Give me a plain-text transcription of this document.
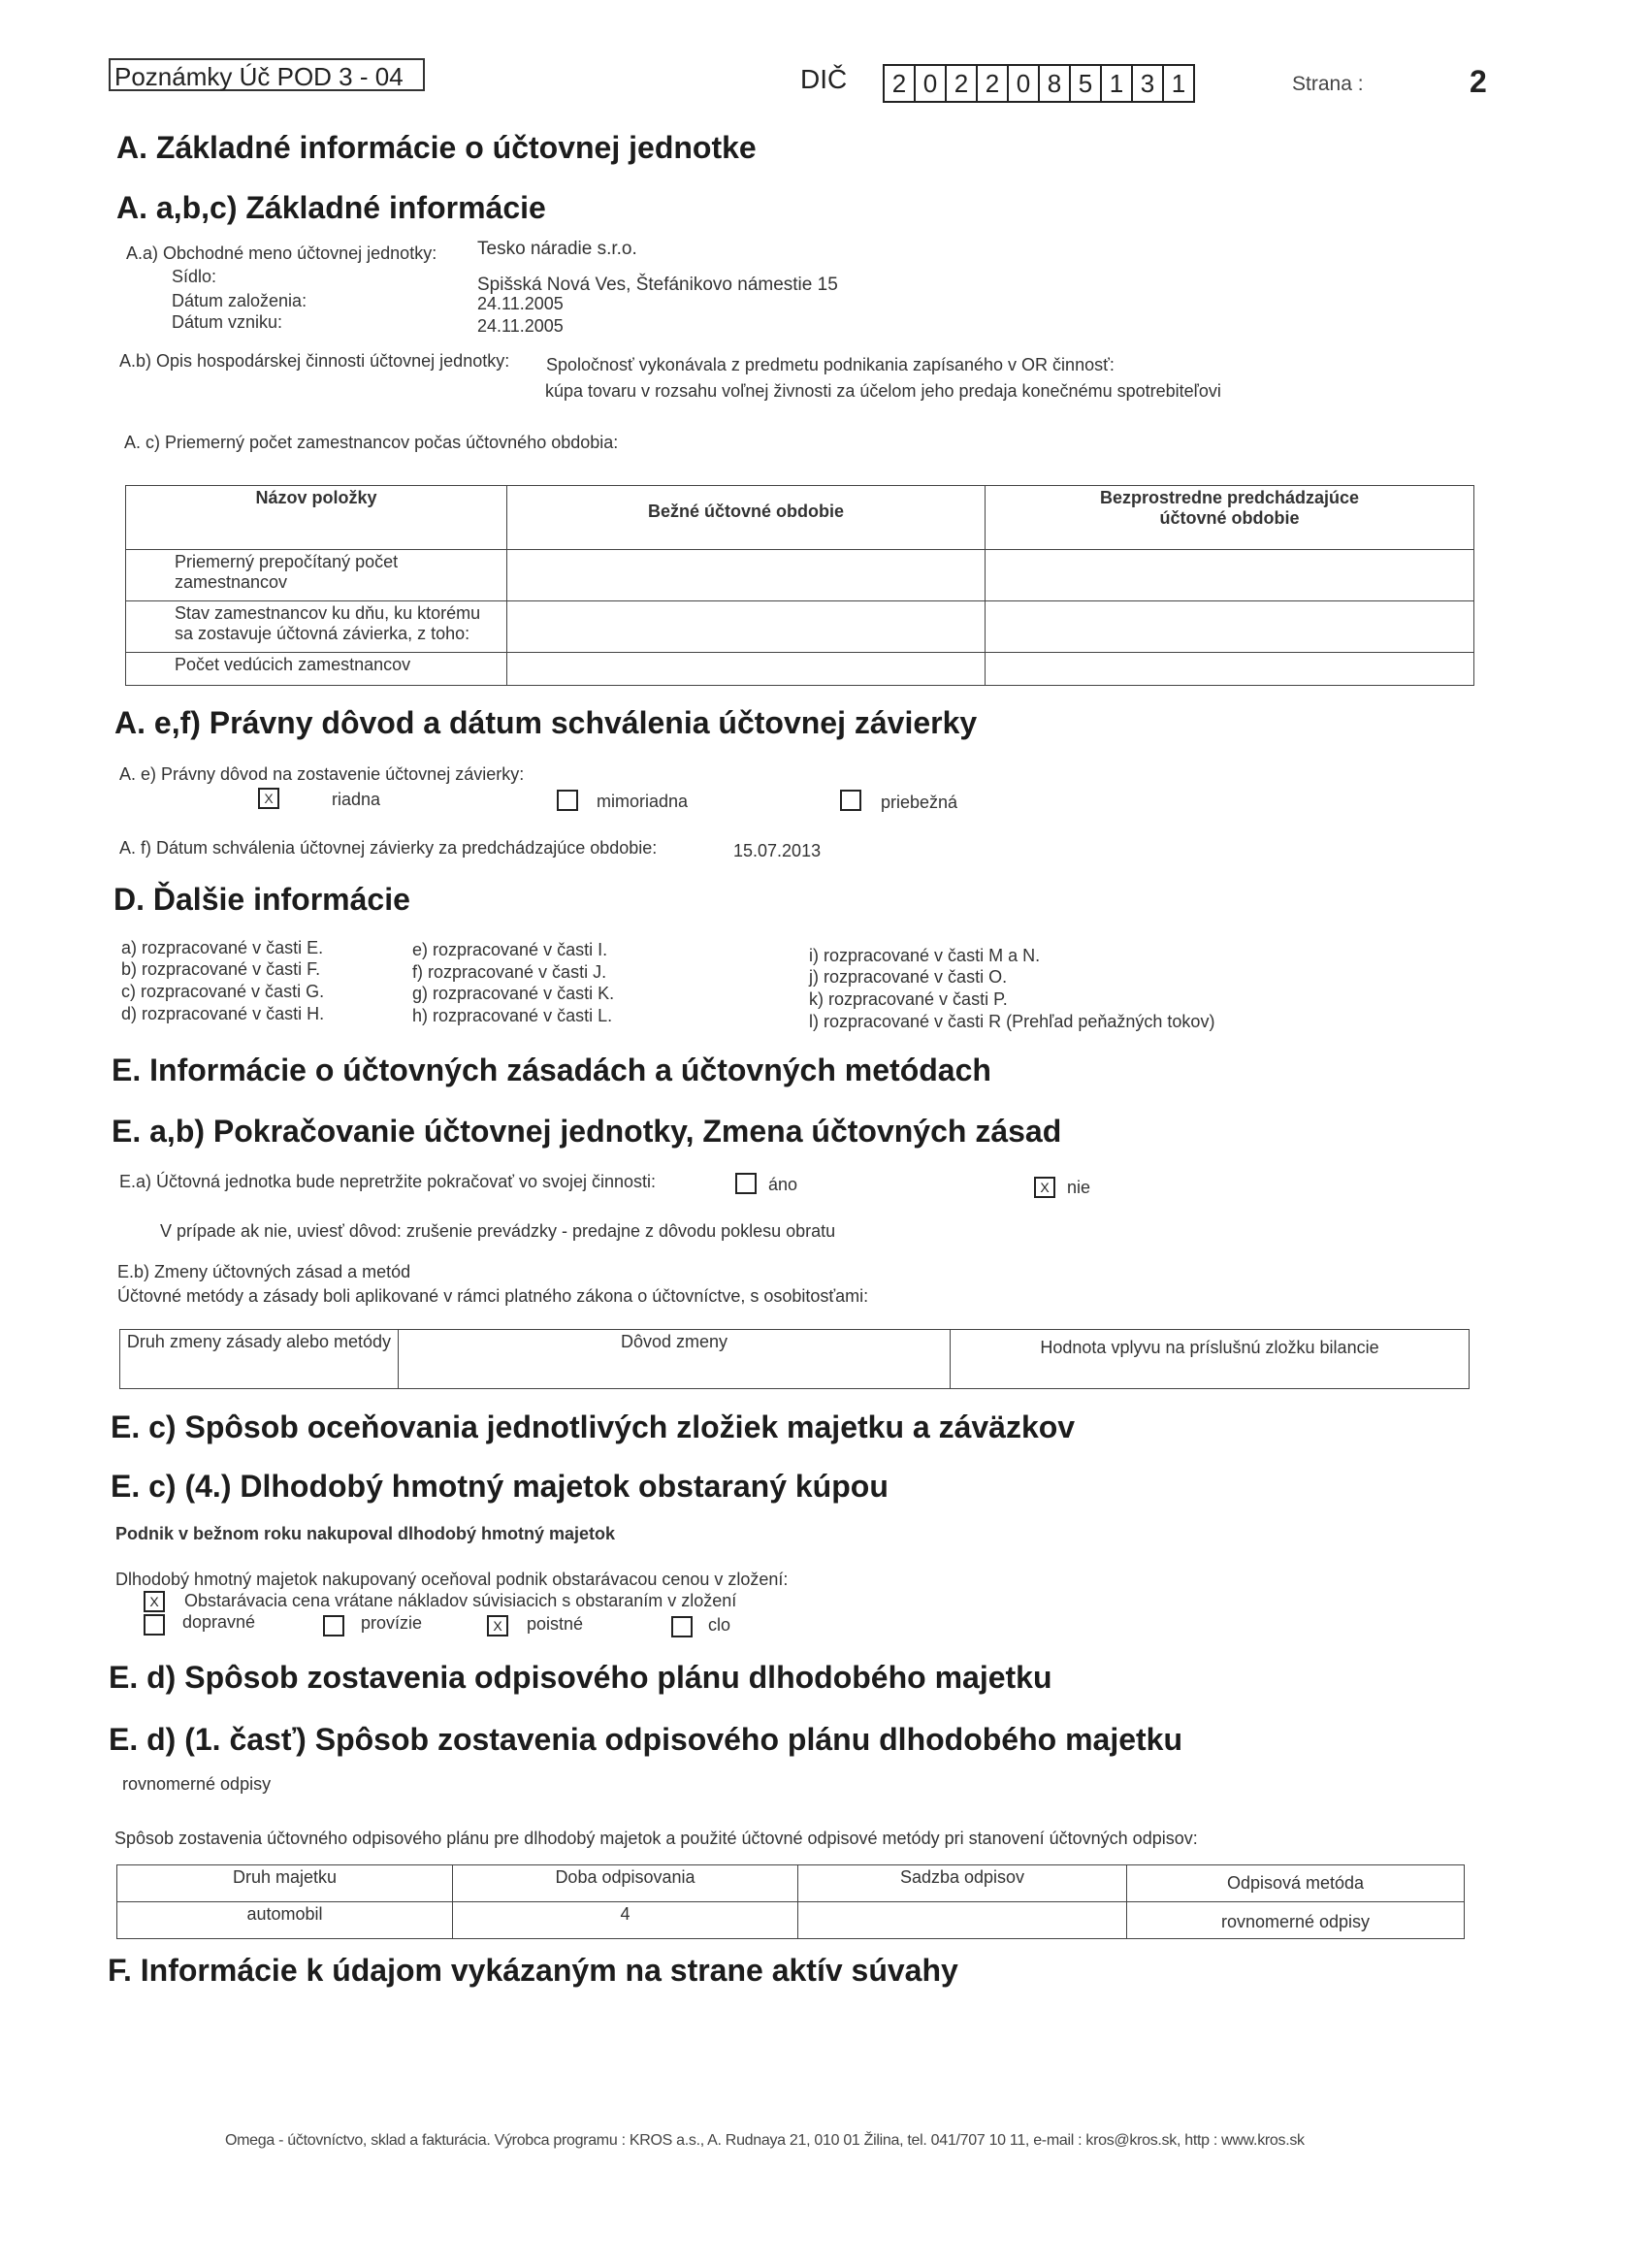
Poznámky Úč POD 3 - 04	DIČ 2 0 2 2 0 8 5 1 3 1	Strana :	2
A. Základné informácie o účtovnej jednotke
A. a,b,c) Základné informácie
A.a) Obchodné meno účtovnej jednotky: Tesko náradie s.r.o.
Sídlo:	Spišská Nová Ves, Štefánikovo námestie 15
Dátum založenia:	24.11.2005
Dátum vzniku:	24.11.2005
A.b) Opis hospodárskej činnosti účtovnej jednotky: Spoločnosť vykonávala z predmetu podnikania zapísaného v OR činnosť:
kúpa tovaru v rozsahu voľnej živnosti za účelom jeho predaja konečnému spotrebiteľovi
A. c) Priemerný počet zamestnancov počas účtovného obdobia:
Názov položky	Bežné účtovné obdobie	Bezprostredne predchádzajúce účtovné obdobie
Priemerný prepočítaný počet zamestnancov		
Stav zamestnancov ku dňu, ku ktorému sa zostavuje účtovná závierka, z toho:		
Počet vedúcich zamestnancov		
A. e,f) Právny dôvod a dátum schválenia účtovnej závierky
A. e) Právny dôvod na zostavenie účtovnej závierky:
X	riadna	mimoriadna	priebežná
A. f) Dátum schválenia účtovnej závierky za predchádzajúce obdobie:	15.07.2013
D. Ďalšie informácie
a) rozpracované v časti E.
b) rozpracované v časti F.
c) rozpracované v časti G.
d) rozpracované v časti H.
e) rozpracované v časti I.
f) rozpracované v časti J.
g) rozpracované v časti K.
h) rozpracované v časti L.
i) rozpracované v časti M a N.
j) rozpracované v časti O.
k) rozpracované v časti P.
l) rozpracované v časti R (Prehľad peňažných tokov)
E. Informácie o účtovných zásadách a účtovných metódach
E. a,b) Pokračovanie účtovnej jednotky, Zmena účtovných zásad
E.a) Účtovná jednotka bude nepretržite pokračovať vo svojej činnosti:	áno	X	nie
V prípade ak nie, uviesť dôvod: zrušenie prevádzky - predajne z dôvodu poklesu obratu
E.b) Zmeny účtovných zásad a metód
Účtovné metódy a zásady boli aplikované v rámci platného zákona o účtovníctve, s osobitosťami:
Druh zmeny zásady alebo metódy	Dôvod zmeny	Hodnota vplyvu na príslušnú zložku bilancie
E. c) Spôsob oceňovania jednotlivých zložiek majetku a záväzkov
E. c) (4.) Dlhodobý hmotný majetok obstaraný kúpou
Podnik v bežnom roku nakupoval dlhodobý hmotný majetok
Dlhodobý hmotný majetok nakupovaný oceňoval podnik obstarávacou cenou v zložení:
X	Obstarávacia cena vrátane nákladov súvisiacich s obstaraním v zložení
dopravné	provízie	X	poistné	clo
E. d) Spôsob zostavenia odpisového plánu dlhodobého majetku
E. d) (1. časť) Spôsob zostavenia odpisového plánu dlhodobého majetku
rovnomerné odpisy
Spôsob zostavenia účtovného odpisového plánu pre dlhodobý majetok a použité účtovné odpisové metódy pri stanovení účtovných odpisov:
Druh majetku	Doba odpisovania	Sadzba odpisov	Odpisová metóda
automobil	4		rovnomerné odpisy
F. Informácie k údajom vykázaným na strane aktív súvahy
Omega - účtovníctvo, sklad a fakturácia. Výrobca programu : KROS a.s., A. Rudnaya 21, 010 01 Žilina, tel. 041/707 10 11, e-mail : kros@kros.sk, http : www.kros.sk
